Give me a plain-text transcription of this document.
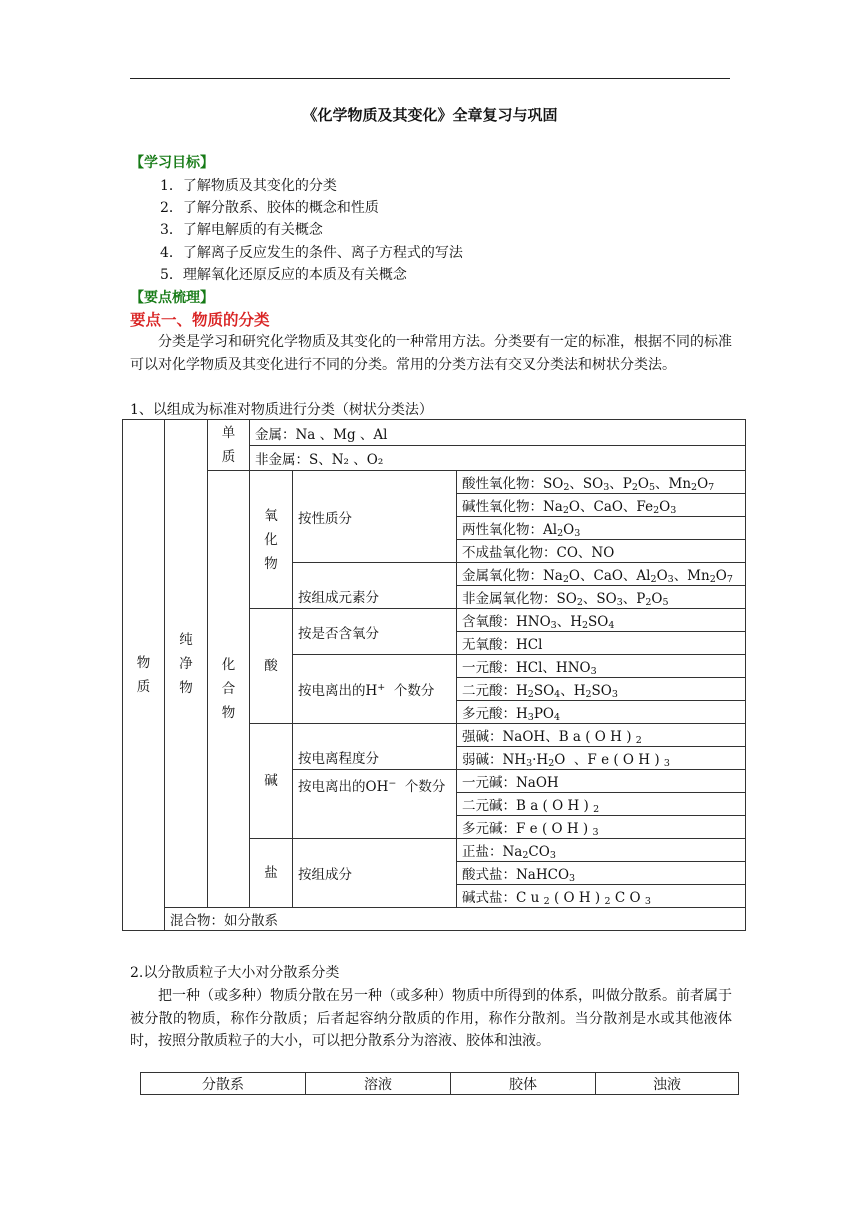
《化学物质及其变化》全章复习与巩固
【学习目标】
1．了解物质及其变化的分类
2．了解分散系、胶体的概念和性质
3．了解电解质的有关概念
4．了解离子反应发生的条件、离子方程式的写法
5．理解氧化还原反应的本质及有关概念
【要点梳理】
要点一、物质的分类
分类是学习和研究化学物质及其变化的一种常用方法。分类要有一定的标准，根据不同的标准可以对化学物质及其变化进行不同的分类。常用的分类方法有交叉分类法和树状分类法。
1、以组成为标准对物质进行分类（树状分类法）
物质	纯净物	单质	金属：Na 、Mg 、Al		
			非金属：S、N₂ 、O₂		
		化合物	氧化物	按性质分	酸性氧化物：$SO_2$、$SO_3$、$P_2O_5$、$Mn_2O_7$
					碱性氧化物：$Na_2O$、CaO、$Fe_2O_3$
					两性氧化物：$Al_2O_3$
					不成盐氧化物：CO、NO
				按组成元素分	金属氧化物：$Na_2O$、CaO、$Al_2O_3$、$Mn_2O_7$
					非金属氧化物：$SO_2$、$SO_3$、$P_2O_5$
			酸	按是否含氧分	含氧酸：$HNO_3$、$H_2SO_4$
					无氧酸：HCl
				按电离出的H+  个数分	一元酸：HCl、$HNO_3$
					二元酸：$H_2SO_4$、$H_2SO_3$
					多元酸：$H_3PO_4$
			碱	按电离程度分	强碱：NaOH、B a ( O H ) $_2$
					弱碱：$NH_3\cdot H_2O$  、F e ( O H ) $_3$
				按电离出的OH−  个数分	一元碱：NaOH
					二元碱：B a ( O H ) $_2$
					多元碱：F e ( O H ) $_3$
			盐	按组成分	正盐：$Na_2CO_3$
					酸式盐：NaHCO$_3$
					碱式盐：C u $_2$ ( O H ) $_2$ C O $_3$
	混合物：如分散系				
2.以分散质粒子大小对分散系分类
把一种（或多种）物质分散在另一种（或多种）物质中所得到的体系，叫做分散系。前者属于被分散的物质，称作分散质；后者起容纳分散质的作用，称作分散剂。当分散剂是水或其他液体时，按照分散质粒子的大小，可以把分散系分为溶液、胶体和浊液。
分散系	溶液	胶体	浊液
